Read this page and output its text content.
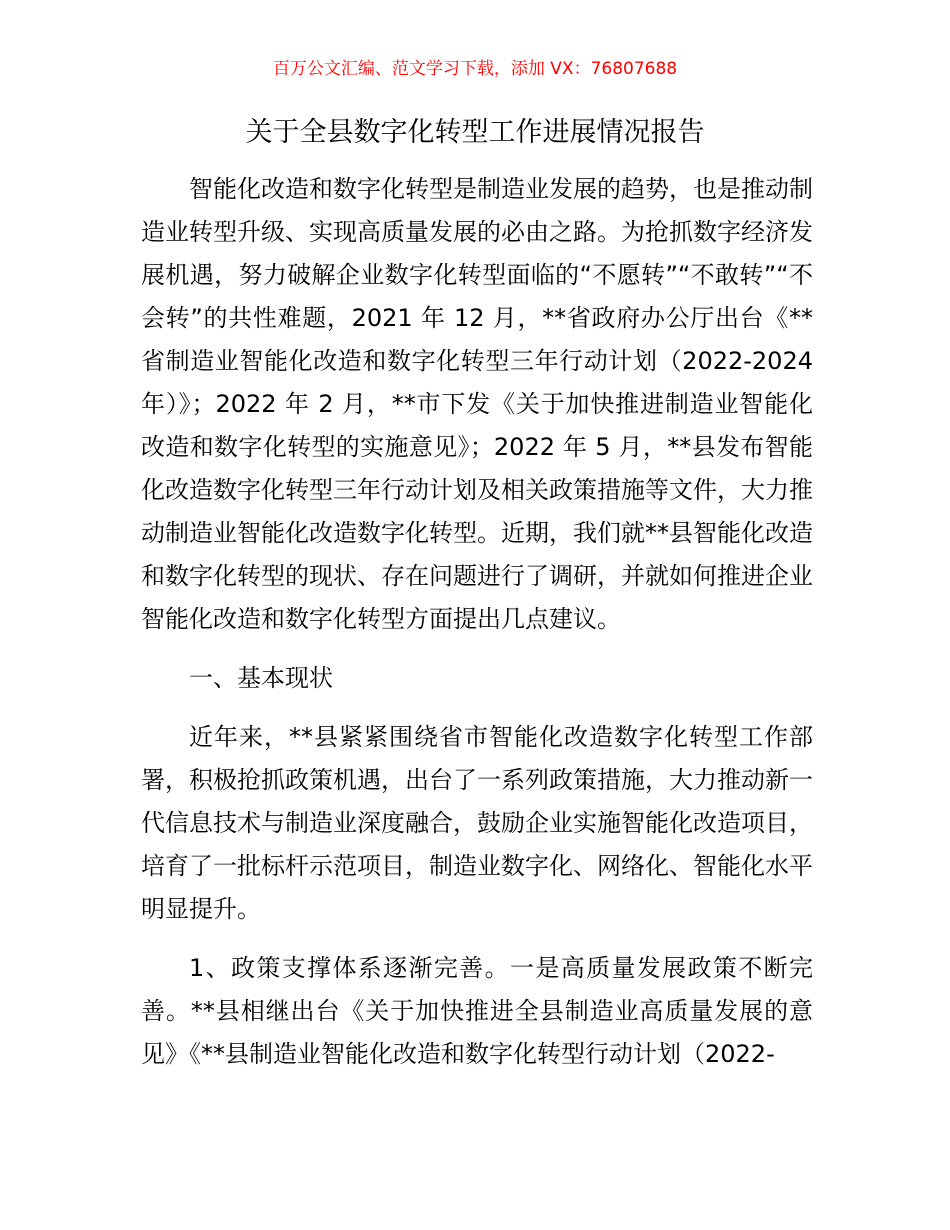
百万公文汇编、范文学习下载，添加 VX：76807688

关于全县数字化转型工作进展情况报告

智能化改造和数字化转型是制造业发展的趋势，也是推动制造业转型升级、实现高质量发展的必由之路。为抢抓数字经济发展机遇，努力破解企业数字化转型面临的“不愿转”“不敢转”“不会转”的共性难题，2021 年 12 月，**省政府办公厅出台《**省制造业智能化改造和数字化转型三年行动计划（2022-2024 年）》；2022 年 2 月，**市下发《关于加快推进制造业智能化改造和数字化转型的实施意见》；2022 年 5 月，**县发布智能化改造数字化转型三年行动计划及相关政策措施等文件，大力推动制造业智能化改造数字化转型。近期，我们就**县智能化改造和数字化转型的现状、存在问题进行了调研，并就如何推进企业智能化改造和数字化转型方面提出几点建议。

一、基本现状

近年来，**县紧紧围绕省市智能化改造数字化转型工作部署，积极抢抓政策机遇，出台了一系列政策措施，大力推动新一代信息技术与制造业深度融合，鼓励企业实施智能化改造项目，培育了一批标杆示范项目，制造业数字化、网络化、智能化水平明显提升。

1、政策支撑体系逐渐完善。一是高质量发展政策不断完善。**县相继出台《关于加快推进全县制造业高质量发展的意见》《**县制造业智能化改造和数字化转型行动计划（2022-
